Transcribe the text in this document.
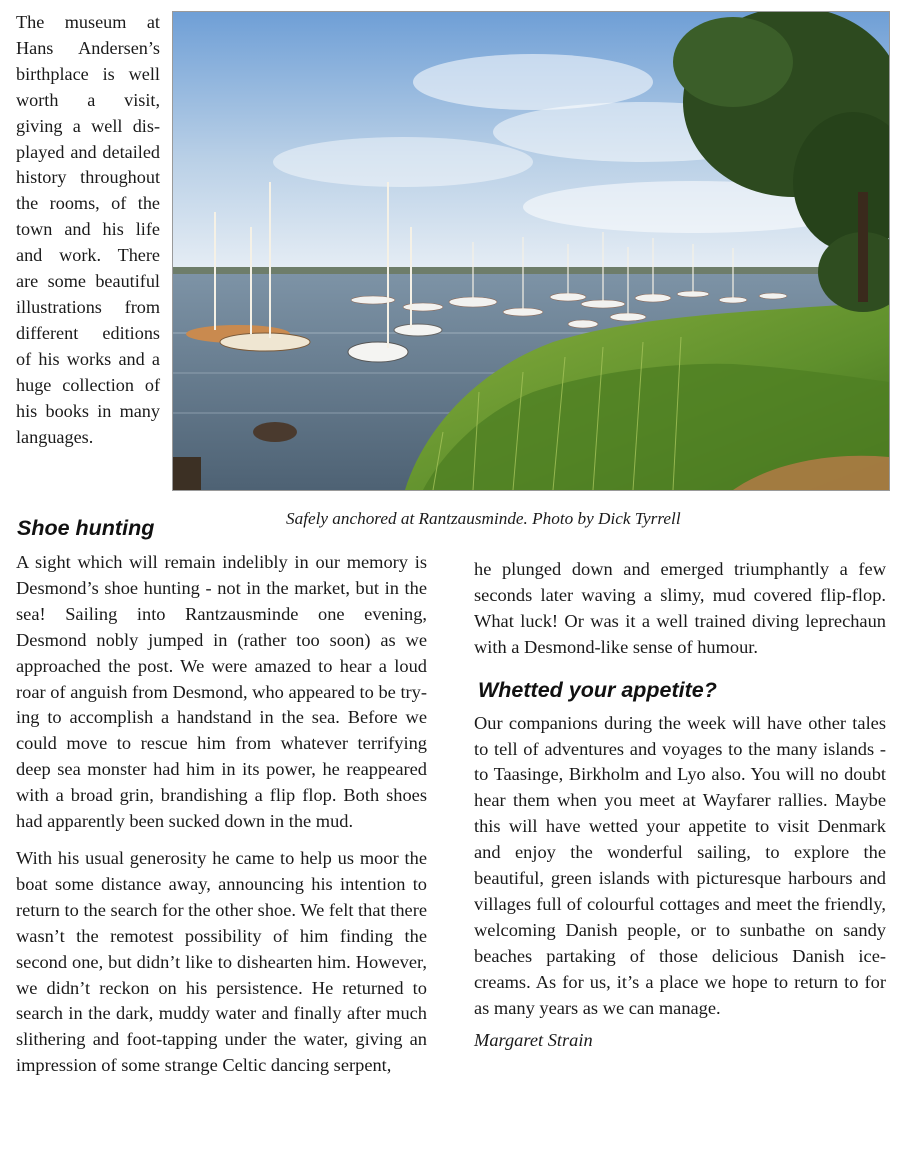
The museum at Hans Andersen’s birthplace is well worth a visit, giving a well displayed and detailed history throughout the rooms, of the town and his life and work. There are some beautiful illustrations from different editions of his works and a huge collection of his books in many languages.

Safely anchored at Rantzausminde. Photo by Dick Tyrrell

Shoe hunting

A sight which will remain indelibly in our memory is Desmond’s shoe hunting - not in the market, but in the sea! Sailing into Rantzausminde one evening, Desmond nobly jumped in (rather too soon) as we approached the post. We were amazed to hear a loud roar of anguish from Desmond, who appeared to be trying to accomplish a handstand in the sea. Before we could move to rescue him from whatever terrifying deep sea monster had him in its power, he reappeared with a broad grin, brandishing a flip flop. Both shoes had apparently been sucked down in the mud.

With his usual generosity he came to help us moor the boat some distance away, announcing his intention to return to the search for the other shoe. We felt that there wasn’t the remotest possibility of him finding the second one, but didn’t like to dishearten him. However, we didn’t reckon on his persistence. He returned to search in the dark, muddy water and finally after much slithering and foot-tapping under the water, giving an impression of some strange Celtic dancing serpent,

he plunged down and emerged triumphantly a few seconds later waving a slimy, mud covered flip-flop. What luck! Or was it a well trained diving leprechaun with a Desmond-like sense of humour.

Whetted your appetite?

Our companions during the week will have other tales to tell of adventures and voyages to the many islands - to Taasinge, Birkholm and Lyo also. You will no doubt hear them when you meet at Wayfarer rallies. Maybe this will have wetted your appetite to visit Denmark and enjoy the wonderful sailing, to explore the beautiful, green islands with picturesque harbours and villages full of colourful cottages and meet the friendly, welcoming Danish people, or to sunbathe on sandy beaches partaking of those delicious Danish ice-creams. As for us, it’s a place we hope to return to for as many years as we can manage.

Margaret Strain
